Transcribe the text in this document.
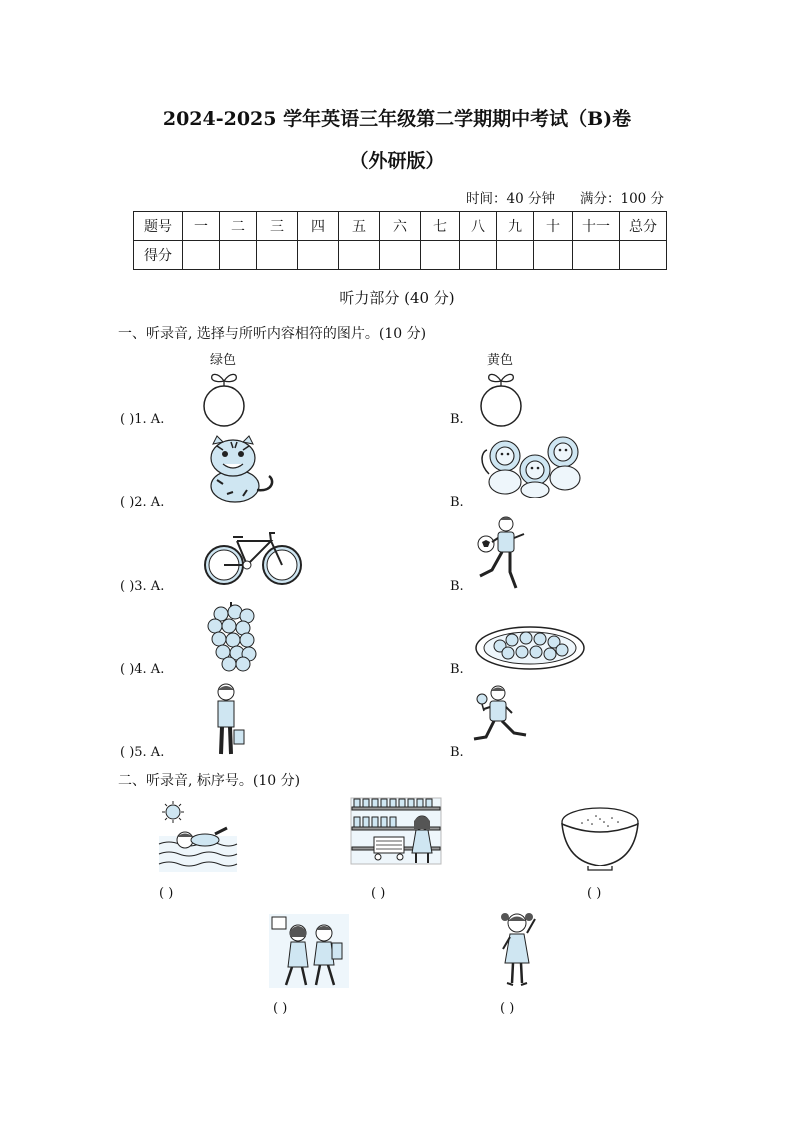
2024-2025 学年英语三年级第二学期期中考试（B)卷
（外研版）
时间：40 分钟 满分：100 分
题号	一	二	三	四	五	六	七	八	九	十	十一	总分
得分												
听力部分 (40 分)
一、听录音, 选择与所听内容相符的图片。(10 分)
绿色	黄色
( )1. A.	B.
( )2. A.	B.
( )3. A.	B.
( )4. A.	B.
( )5. A.	B.
二、听录音, 标序号。(10 分)
( )	( )	( )
( )	( )
